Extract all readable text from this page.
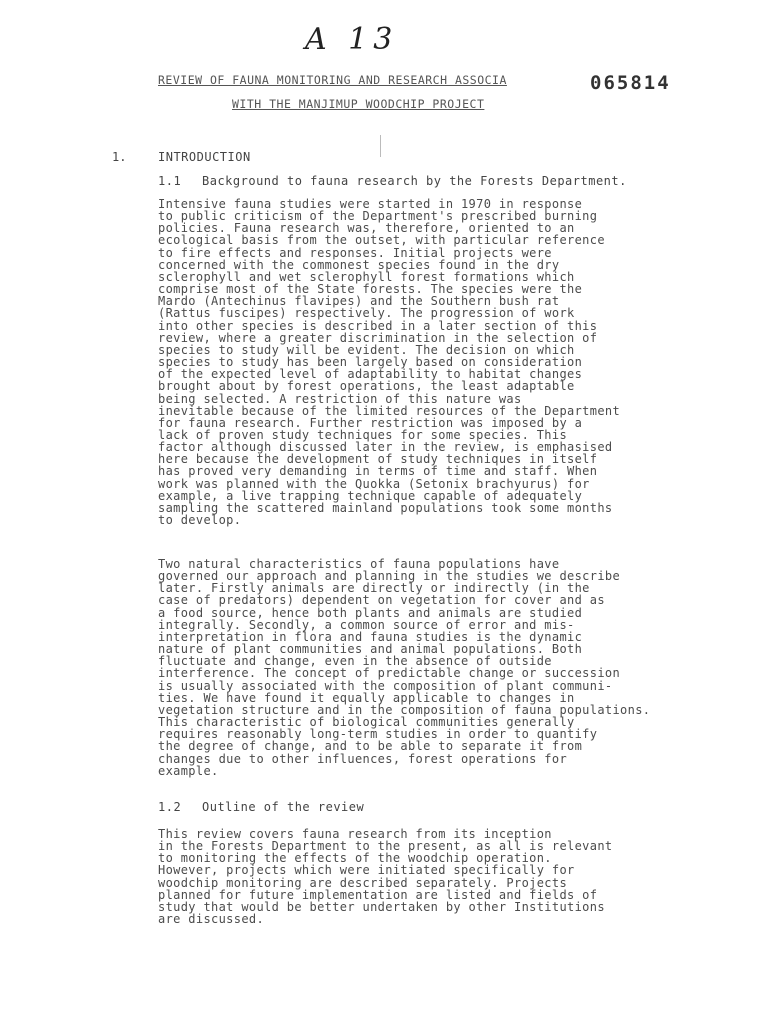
A 13
REVIEW OF FAUNA MONITORING AND RESEARCH ASSOCIA	065814
WITH THE MANJIMUP WOODCHIP PROJECT
1.	INTRODUCTION
1.1 Background to fauna research by the Forests Department.
Intensive fauna studies were started in 1970 in response
to public criticism of the Department's prescribed burning
policies. Fauna research was, therefore, oriented to an
ecological basis from the outset, with particular reference
to fire effects and responses. Initial projects were
concerned with the commonest species found in the dry
sclerophyll and wet sclerophyll forest formations which
comprise most of the State forests. The species were the
Mardo (Antechinus flavipes) and the Southern bush rat
(Rattus fuscipes) respectively. The progression of work
into other species is described in a later section of this
review, where a greater discrimination in the selection of
species to study will be evident. The decision on which
species to study has been largely based on consideration
of the expected level of adaptability to habitat changes
brought about by forest operations, the least adaptable
being selected. A restriction of this nature was
inevitable because of the limited resources of the Department
for fauna research. Further restriction was imposed by a
lack of proven study techniques for some species. This
factor although discussed later in the review, is emphasised
here because the development of study techniques in itself
has proved very demanding in terms of time and staff. When
work was planned with the Quokka (Setonix brachyurus) for
example, a live trapping technique capable of adequately
sampling the scattered mainland populations took some months
to develop.
Two natural characteristics of fauna populations have
governed our approach and planning in the studies we describe
later. Firstly animals are directly or indirectly (in the
case of predators) dependent on vegetation for cover and as
a food source, hence both plants and animals are studied
integrally. Secondly, a common source of error and mis-
interpretation in flora and fauna studies is the dynamic
nature of plant communities and animal populations. Both
fluctuate and change, even in the absence of outside
interference. The concept of predictable change or succession
is usually associated with the composition of plant communi-
ties. We have found it equally applicable to changes in
vegetation structure and in the composition of fauna populations.
This characteristic of biological communities generally
requires reasonably long-term studies in order to quantify
the degree of change, and to be able to separate it from
changes due to other influences, forest operations for
example.
1.2 Outline of the review
This review covers fauna research from its inception
in the Forests Department to the present, as all is relevant
to monitoring the effects of the woodchip operation.
However, projects which were initiated specifically for
woodchip monitoring are described separately. Projects
planned for future implementation are listed and fields of
study that would be better undertaken by other Institutions
are discussed.
